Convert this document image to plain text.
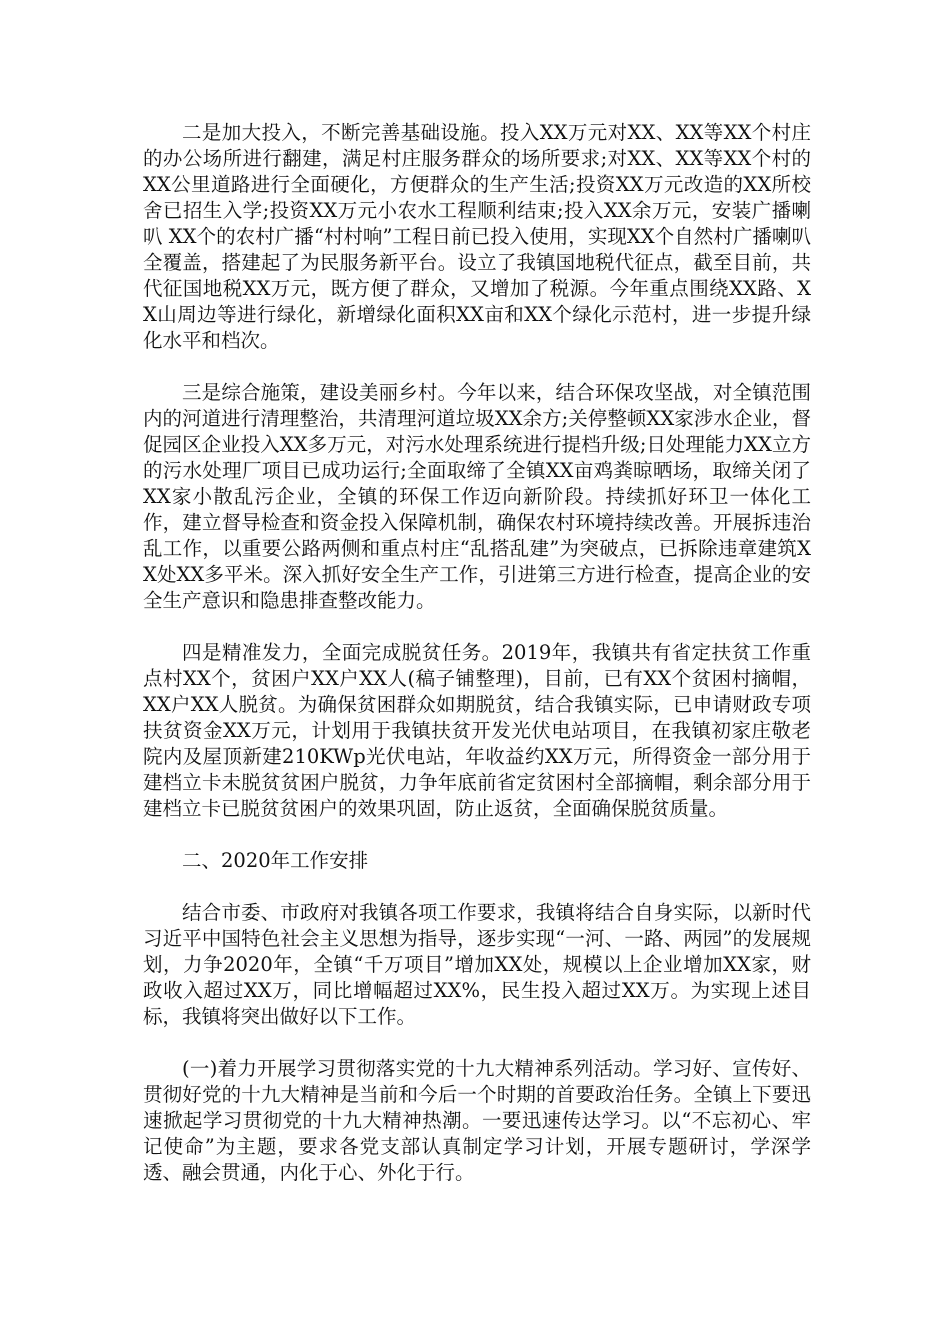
二是加大投入，不断完善基础设施。投入XX万元对XX、XX等XX个村庄的办公场所进行翻建，满足村庄服务群众的场所要求;对XX、XX等XX个村的XX公里道路进行全面硬化，方便群众的生产生活;投资XX万元改造的XX所校舍已招生入学;投资XX万元小农水工程顺利结束;投入XX余万元，安装广播喇叭 XX个的农村广播“村村响”工程日前已投入使用，实现XX个自然村广播喇叭全覆盖，搭建起了为民服务新平台。设立了我镇国地税代征点，截至目前，共代征国地税XX万元，既方便了群众，又增加了税源。今年重点围绕XX路、XX山周边等进行绿化，新增绿化面积XX亩和XX个绿化示范村，进一步提升绿化水平和档次。

三是综合施策，建设美丽乡村。今年以来，结合环保攻坚战，对全镇范围内的河道进行清理整治，共清理河道垃圾XX余方;关停整顿XX家涉水企业，督促园区企业投入XX多万元，对污水处理系统进行提档升级;日处理能力XX立方的污水处理厂项目已成功运行;全面取缔了全镇XX亩鸡粪晾晒场，取缔关闭了XX家小散乱污企业，全镇的环保工作迈向新阶段。持续抓好环卫一体化工作，建立督导检查和资金投入保障机制，确保农村环境持续改善。开展拆违治乱工作，以重要公路两侧和重点村庄“乱搭乱建”为突破点，已拆除违章建筑XX处XX多平米。深入抓好安全生产工作，引进第三方进行检查，提高企业的安全生产意识和隐患排查整改能力。

四是精准发力，全面完成脱贫任务。2019年，我镇共有省定扶贫工作重点村XX个，贫困户XX户XX人(稿子铺整理)，目前，已有XX个贫困村摘帽， XX户XX人脱贫。为确保贫困群众如期脱贫，结合我镇实际，已申请财政专项扶贫资金XX万元，计划用于我镇扶贫开发光伏电站项目，在我镇初家庄敬老院内及屋顶新建210KWp光伏电站，年收益约XX万元，所得资金一部分用于建档立卡未脱贫贫困户脱贫，力争年底前省定贫困村全部摘帽，剩余部分用于建档立卡已脱贫贫困户的效果巩固，防止返贫，全面确保脱贫质量。

二、2020年工作安排

结合市委、市政府对我镇各项工作要求，我镇将结合自身实际，以新时代习近平中国特色社会主义思想为指导，逐步实现“一河、一路、两园”的发展规划，力争2020年，全镇“千万项目”增加XX处，规模以上企业增加XX家，财政收入超过XX万，同比增幅超过XX%，民生投入超过XX万。为实现上述目标，我镇将突出做好以下工作。

(一)着力开展学习贯彻落实党的十九大精神系列活动。学习好、宣传好、贯彻好党的十九大精神是当前和今后一个时期的首要政治任务。全镇上下要迅速掀起学习贯彻党的十九大精神热潮。一要迅速传达学习。以“不忘初心、牢记使命”为主题，要求各党支部认真制定学习计划，开展专题研讨，学深学透、融会贯通，内化于心、外化于行。
